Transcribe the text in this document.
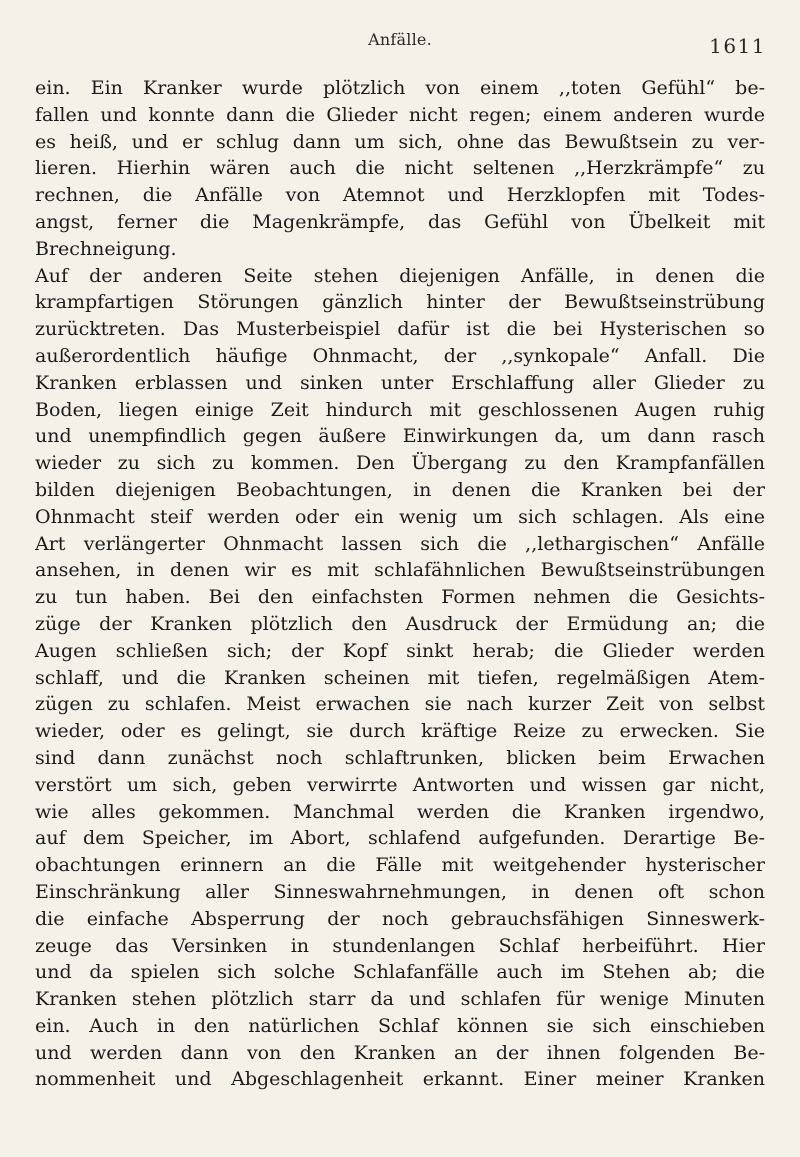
Anfälle.	1611
ein. Ein Kranker wurde plötzlich von einem ,,toten Gefühl“ be-
fallen und konnte dann die Glieder nicht regen; einem anderen wurde
es heiß, und er schlug dann um sich, ohne das Bewußtsein zu ver-
lieren. Hierhin wären auch die nicht seltenen ,,Herzkrämpfe“ zu
rechnen, die Anfälle von Atemnot und Herzklopfen mit Todes-
angst, ferner die Magenkrämpfe, das Gefühl von Übelkeit mit
Brechneigung.
Auf der anderen Seite stehen diejenigen Anfälle, in denen die
krampfartigen Störungen gänzlich hinter der Bewußtseinstrübung
zurücktreten. Das Musterbeispiel dafür ist die bei Hysterischen so
außerordentlich häufige Ohnmacht, der ,,synkopale“ Anfall. Die
Kranken erblassen und sinken unter Erschlaffung aller Glieder zu
Boden, liegen einige Zeit hindurch mit geschlossenen Augen ruhig
und unempfindlich gegen äußere Einwirkungen da, um dann rasch
wieder zu sich zu kommen. Den Übergang zu den Krampfanfällen
bilden diejenigen Beobachtungen, in denen die Kranken bei der
Ohnmacht steif werden oder ein wenig um sich schlagen. Als eine
Art verlängerter Ohnmacht lassen sich die ,,lethargischen“ Anfälle
ansehen, in denen wir es mit schlafähnlichen Bewußtseinstrübungen
zu tun haben. Bei den einfachsten Formen nehmen die Gesichts-
züge der Kranken plötzlich den Ausdruck der Ermüdung an; die
Augen schließen sich; der Kopf sinkt herab; die Glieder werden
schlaff, und die Kranken scheinen mit tiefen, regelmäßigen Atem-
zügen zu schlafen. Meist erwachen sie nach kurzer Zeit von selbst
wieder, oder es gelingt, sie durch kräftige Reize zu erwecken. Sie
sind dann zunächst noch schlaftrunken, blicken beim Erwachen
verstört um sich, geben verwirrte Antworten und wissen gar nicht,
wie alles gekommen. Manchmal werden die Kranken irgendwo,
auf dem Speicher, im Abort, schlafend aufgefunden. Derartige Be-
obachtungen erinnern an die Fälle mit weitgehender hysterischer
Einschränkung aller Sinneswahrnehmungen, in denen oft schon
die einfache Absperrung der noch gebrauchsfähigen Sinneswerk-
zeuge das Versinken in stundenlangen Schlaf herbeiführt. Hier
und da spielen sich solche Schlafanfälle auch im Stehen ab; die
Kranken stehen plötzlich starr da und schlafen für wenige Minuten
ein. Auch in den natürlichen Schlaf können sie sich einschieben
und werden dann von den Kranken an der ihnen folgenden Be-
nommenheit und Abgeschlagenheit erkannt. Einer meiner Kranken
